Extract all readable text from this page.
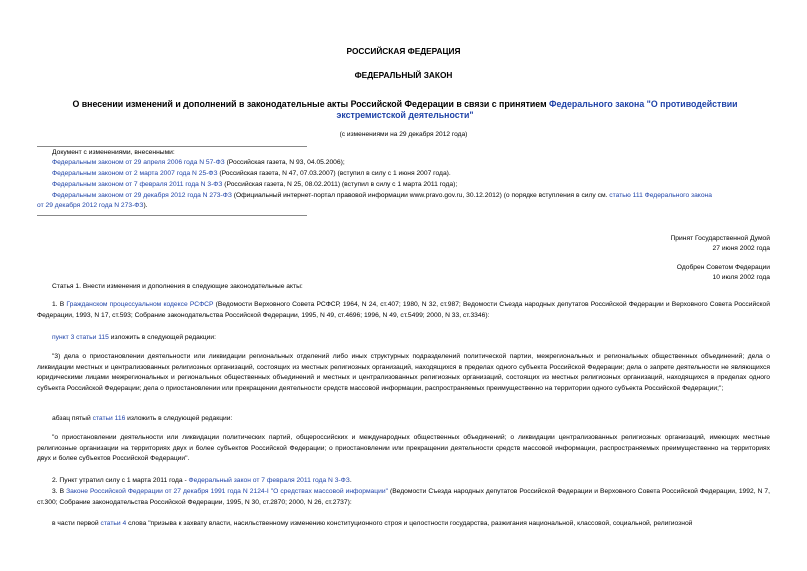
РОССИЙСКАЯ ФЕДЕРАЦИЯ
ФЕДЕРАЛЬНЫЙ ЗАКОН
О внесении изменений и дополнений в законодательные акты Российской Федерации в связи с принятием Федерального закона "О противодействии
экстремистской деятельности"
(с изменениями на 29 декабря 2012 года)
Документ с изменениями, внесенными:
Федеральным законом от 29 апреля 2006 года N 57-ФЗ (Российская газета, N 93, 04.05.2006);
Федеральным законом от 2 марта 2007 года N 25-ФЗ (Российская газета, N 47, 07.03.2007) (вступил в силу с 1 июня 2007 года).
Федеральным законом от 7 февраля 2011 года N 3-ФЗ (Российская газета, N 25, 08.02.2011) (вступил в силу с 1 марта 2011 года);
Федеральным законом от 29 декабря 2012 года N 273-ФЗ (Официальный интернет-портал правовой информации www.pravo.gov.ru, 30.12.2012) (о порядке вступления в силу см. статью 111 Федерального закона
от 29 декабря 2012 года N 273-ФЗ).
Принят Государственной Думой
27 июня 2002 года
Одобрен Советом Федерации
10 июля 2002 года
Статья 1. Внести изменения и дополнения в следующие законодательные акты:
1. В Гражданском процессуальном кодексе РСФСР (Ведомости Верховного Совета РСФСР, 1964, N 24, ст.407; 1980, N 32, ст.987; Ведомости Съезда народных депутатов Российской Федерации и Верховного Совета Российской Федерации, 1993, N 17, ст.593; Собрание законодательства Российской Федерации, 1995, N 49, ст.4696; 1996, N 49, ст.5499; 2000, N 33, ст.3346):
пункт 3 статьи 115 изложить в следующей редакции:
"3) дела о приостановлении деятельности или ликвидации региональных отделений либо иных структурных подразделений политической партии, межрегиональных и региональных общественных объединений; дела о ликвидации местных и централизованных религиозных организаций, состоящих из местных религиозных организаций, находящихся в пределах одного субъекта Российской Федерации; дела о запрете деятельности не являющихся юридическими лицами межрегиональных и региональных общественных объединений и местных и централизованных религиозных организаций, состоящих из местных религиозных организаций, находящихся в пределах одного субъекта Российской Федерации; дела о приостановлении или прекращении деятельности средств массовой информации, распространяемых преимущественно на территории одного субъекта Российской Федерации;";
абзац пятый статьи 116 изложить в следующей редакции:
"о приостановлении деятельности или ликвидации политических партий, общероссийских и международных общественных объединений; о ликвидации централизованных религиозных организаций, имеющих местные религиозные организации на территориях двух и более субъектов Российской Федерации; о приостановлении или прекращении деятельности средств массовой информации, распространяемых преимущественно на территориях двух и более субъектов Российской Федерации".
2. Пункт утратил силу с 1 марта 2011 года - Федеральный закон от 7 февраля 2011 года N 3-ФЗ.
3. В Законе Российской Федерации от 27 декабря 1991 года N 2124-I "О средствах массовой информации" (Ведомости Съезда народных депутатов Российской Федерации и Верховного Совета Российской Федерации, 1992, N 7, ст.300; Собрание законодательства Российской Федерации, 1995, N 30, ст.2870; 2000, N 26, ст.2737):
в части первой статьи 4 слова "призыва к захвату власти, насильственному изменению конституционного строя и целостности государства, разжигания национальной, классовой, социальной, религиозной
